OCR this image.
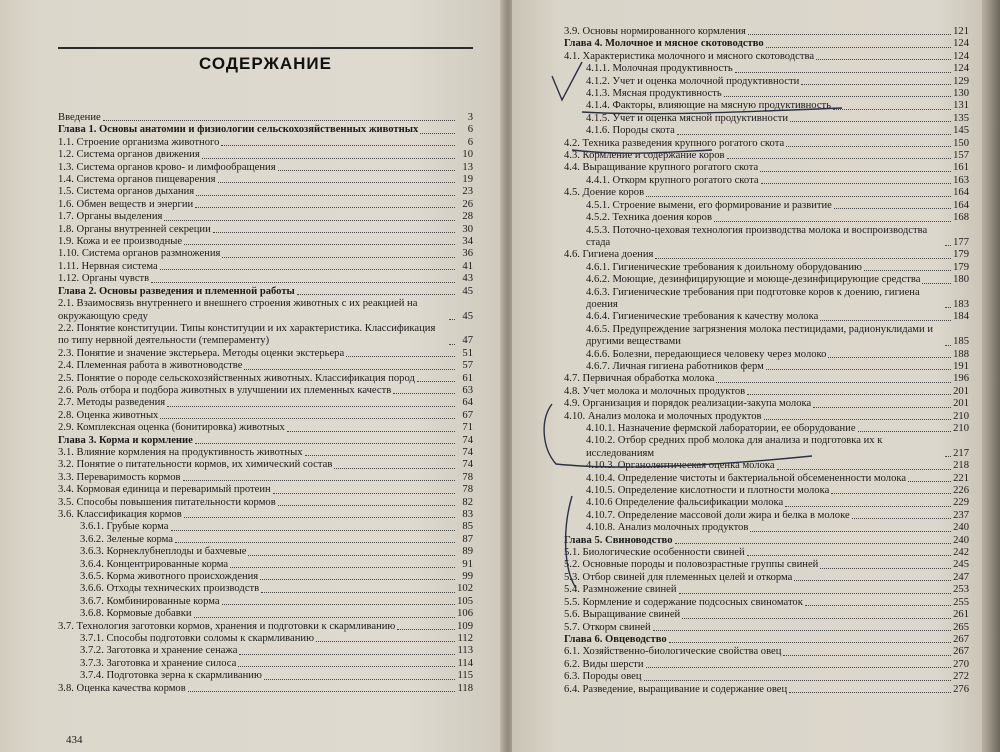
СОДЕРЖАНИЕ
Введение	3
Глава 1. Основы анатомии и физиологии сельскохозяйственных животных	6
1.1. Строение организма животного	6
1.2. Система органов движения	10
1.3. Система органов крово- и лимфообращения	13
1.4. Система органов пищеварения	19
1.5. Система органов дыхания	23
1.6. Обмен веществ и энергии	26
1.7. Органы выделения	28
1.8. Органы внутренней секреции	30
1.9. Кожа и ее производные	34
1.10. Система органов размножения	36
1.11. Нервная система	41
1.12. Органы чувств	43
Глава 2. Основы разведения и племенной работы	45
2.1. Взаимосвязь внутреннего и внешнего строения животных с их реакцией на окружающую среду	45
2.2. Понятие конституции. Типы конституции и их характеристика. Классификация по типу нервной деятельности (темпераменту)	47
2.3. Понятие и значение экстерьера. Методы оценки экстерьера	51
2.4. Племенная работа в животноводстве	57
2.5. Понятие о породе сельскохозяйственных животных. Классификация пород	61
2.6. Роль отбора и подбора животных в улучшении их племенных качеств	63
2.7. Методы разведения	64
2.8. Оценка животных	67
2.9. Комплексная оценка (бонитировка) животных	71
Глава 3. Корма и кормление	74
3.1. Влияние кормления на продуктивность животных	74
3.2. Понятие о питательности кормов, их химический состав	74
3.3. Переваримость кормов	78
3.4. Кормовая единица и переваримый протеин	78
3.5. Способы повышения питательности кормов	82
3.6. Классификация кормов	83
3.6.1. Грубые корма	85
3.6.2. Зеленые корма	87
3.6.3. Корнеклубнеплоды и бахчевые	89
3.6.4. Концентрированные корма	91
3.6.5. Корма животного происхождения	99
3.6.6. Отходы технических производств	102
3.6.7. Комбинированные корма	105
3.6.8. Кормовые добавки	106
3.7. Технология заготовки кормов, хранения и подготовки к скармливанию	109
3.7.1. Способы подготовки соломы к скармливанию	112
3.7.2. Заготовка и хранение сенажа	113
3.7.3. Заготовка и хранение силоса	114
3.7.4. Подготовка зерна к скармливанию	115
3.8. Оценка качества кормов	118
434
3.9. Основы нормированного кормления	121
Глава 4. Молочное и мясное скотоводство	124
4.1. Характеристика молочного и мясного скотоводства	124
4.1.1. Молочная продуктивность	124
4.1.2. Учет и оценка молочной продуктивности	129
4.1.3. Мясная продуктивность	130
4.1.4. Факторы, влияющие на мясную продуктивность	131
4.1.5. Учет и оценка мясной продуктивности	135
4.1.6. Породы скота	145
4.2. Техника разведения крупного рогатого скота	150
4.3. Кормление и содержание коров	157
4.4. Выращивание крупного рогатого скота	161
4.4.1. Откорм крупного рогатого скота	163
4.5. Доение коров	164
4.5.1. Строение вымени, его формирование и развитие	164
4.5.2. Техника доения коров	168
4.5.3. Поточно-цеховая технология производства молока и воспроизводства стада	177
4.6. Гигиена доения	179
4.6.1. Гигиенические требования к доильному оборудованию	179
4.6.2. Моющие, дезинфицирующие и моюще-дезинфицирующие средства	180
4.6.3. Гигиенические требования при подготовке коров к доению, гигиена доения	183
4.6.4. Гигиенические требования к качеству молока	184
4.6.5. Предупреждение загрязнения молока пестицидами, радионуклидами и другими веществами	185
4.6.6. Болезни, передающиеся человеку через молоко	188
4.6.7. Личная гигиена работников ферм	191
4.7. Первичная обработка молока	196
4.8. Учет молока и молочных продуктов	201
4.9. Организация и порядок реализации-закупа молока	201
4.10. Анализ молока и молочных продуктов	210
4.10.1. Назначение фермской лаборатории, ее оборудование	210
4.10.2. Отбор средних проб молока для анализа и подготовка их к исследованиям	217
4.10.3. Органолептическая оценка молока	218
4.10.4. Определение чистоты и бактериальной обсемененности молока	221
4.10.5. Определение кислотности и плотности молока	226
4.10.6 Определение фальсификации молока	229
4.10.7. Определение массовой доли жира и белка в молоке	237
4.10.8. Анализ молочных продуктов	240
Глава 5. Свиноводство	240
5.1. Биологические особенности свиней	242
5.2. Основные породы и половозрастные группы свиней	245
5.3. Отбор свиней для племенных целей и откорма	247
5.4. Размножение свиней	253
5.5. Кормление и содержание подсосных свиноматок	255
5.6. Выращивание свиней	261
5.7. Откорм свиней	265
Глава 6. Овцеводство	267
6.1. Хозяйственно-биологические свойства овец	267
6.2. Виды шерсти	270
6.3. Породы овец	272
6.4. Разведение, выращивание и содержание овец	276
